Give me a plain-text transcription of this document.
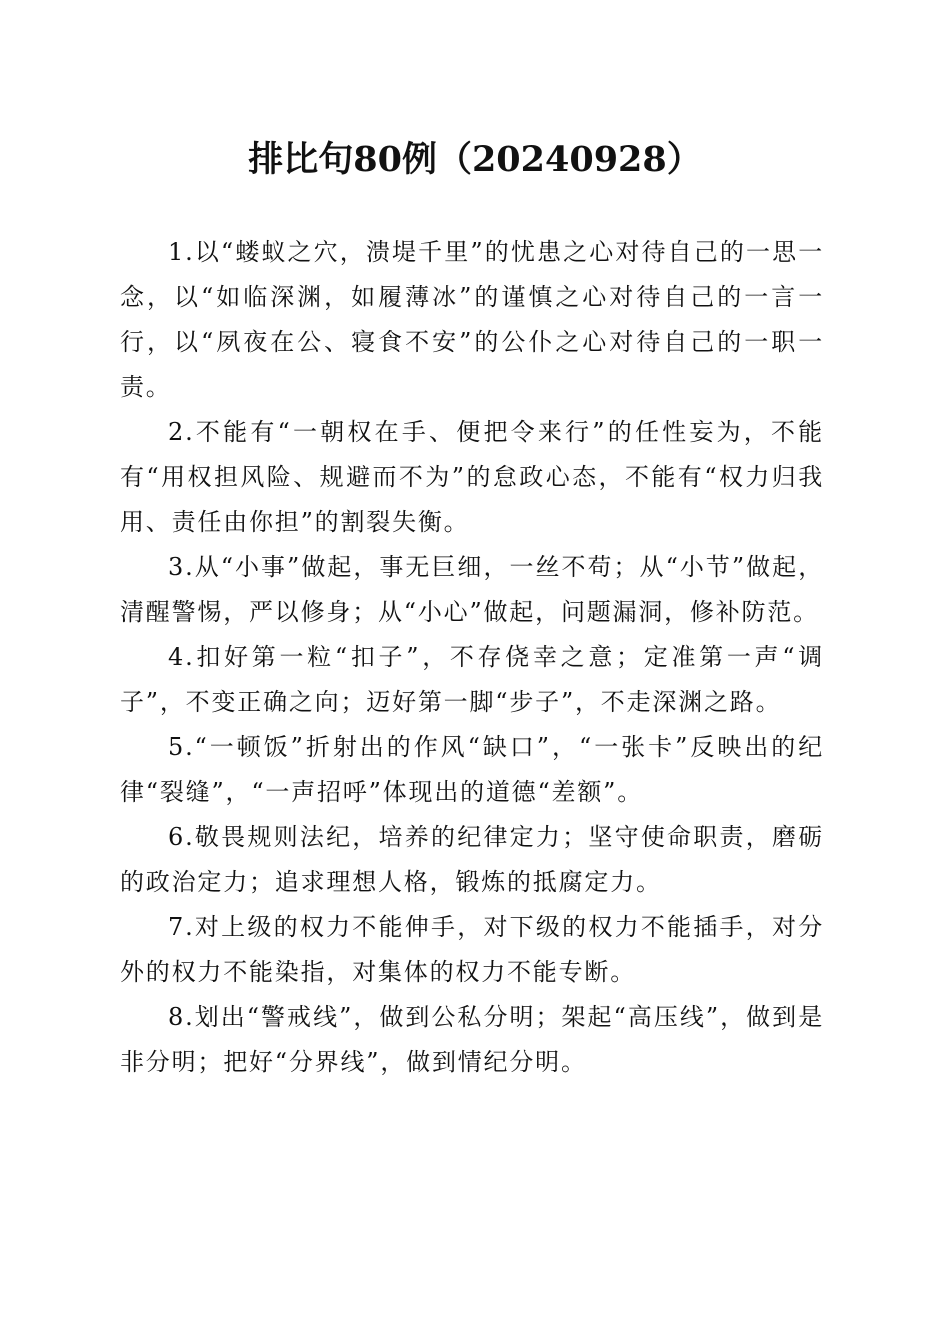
排比句80例（20240928）

1.以“蝼蚁之穴，溃堤千里”的忧患之心对待自己的一思一念，以“如临深渊，如履薄冰”的谨慎之心对待自己的一言一行，以“夙夜在公、寝食不安”的公仆之心对待自己的一职一责。

2.不能有“一朝权在手、便把令来行”的任性妄为，不能有“用权担风险、规避而不为”的怠政心态，不能有“权力归我用、责任由你担”的割裂失衡。

3.从“小事”做起，事无巨细，一丝不苟；从“小节”做起，清醒警惕，严以修身；从“小心”做起，问题漏洞，修补防范。

4.扣好第一粒“扣子”，不存侥幸之意；定准第一声“调子”，不变正确之向；迈好第一脚“步子”，不走深渊之路。

5.“一顿饭”折射出的作风“缺口”，“一张卡”反映出的纪律“裂缝”，“一声招呼”体现出的道德“差额”。

6.敬畏规则法纪，培养的纪律定力；坚守使命职责，磨砺的政治定力；追求理想人格，锻炼的抵腐定力。

7.对上级的权力不能伸手，对下级的权力不能插手，对分外的权力不能染指，对集体的权力不能专断。

8.划出“警戒线”，做到公私分明；架起“高压线”，做到是非分明；把好“分界线”，做到情纪分明。
